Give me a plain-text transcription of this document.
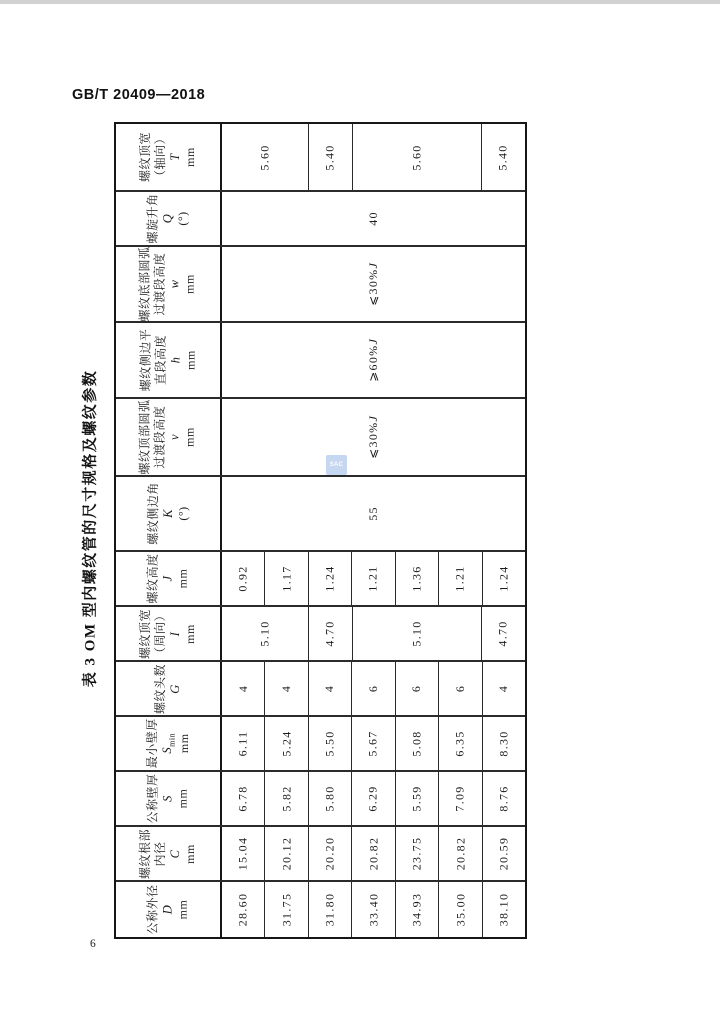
GB/T 20409—2018
表 3 OM 型内螺纹管的尺寸规格及螺纹参数
螺纹顶宽 （轴向） T mm	5.60	5.40	5.60	5.40
螺旋升角 Q (°)	40
螺纹底部圆弧 过渡段高度 w mm	⩽30%J
螺纹侧边平 直段高度 h mm	⩾60%J
螺纹顶部圆弧 过渡段高度 v mm	⩽30%J
螺纹侧边角 K (°)	55
螺纹高度 J mm	0.92 1.17 1.24 1.21 1.36 1.21 1.24
螺纹顶宽 （周向） I mm	5.10	4.70	5.10	4.70
螺纹头数 G	4 4 4 6 6 6 4
最小壁厚 $S_{min}$ mm	6.11 5.24 5.50 5.67 5.08 6.35 8.30
公称壁厚 S mm	6.78 5.82 5.80 6.29 5.59 7.09 8.76
螺纹根部 内径 C mm	15.04 20.12 20.20 20.82 23.75 20.82 20.59
公称外径 D mm	28.60 31.75 31.80 33.40 34.93 35.00 38.10
SAC
6
